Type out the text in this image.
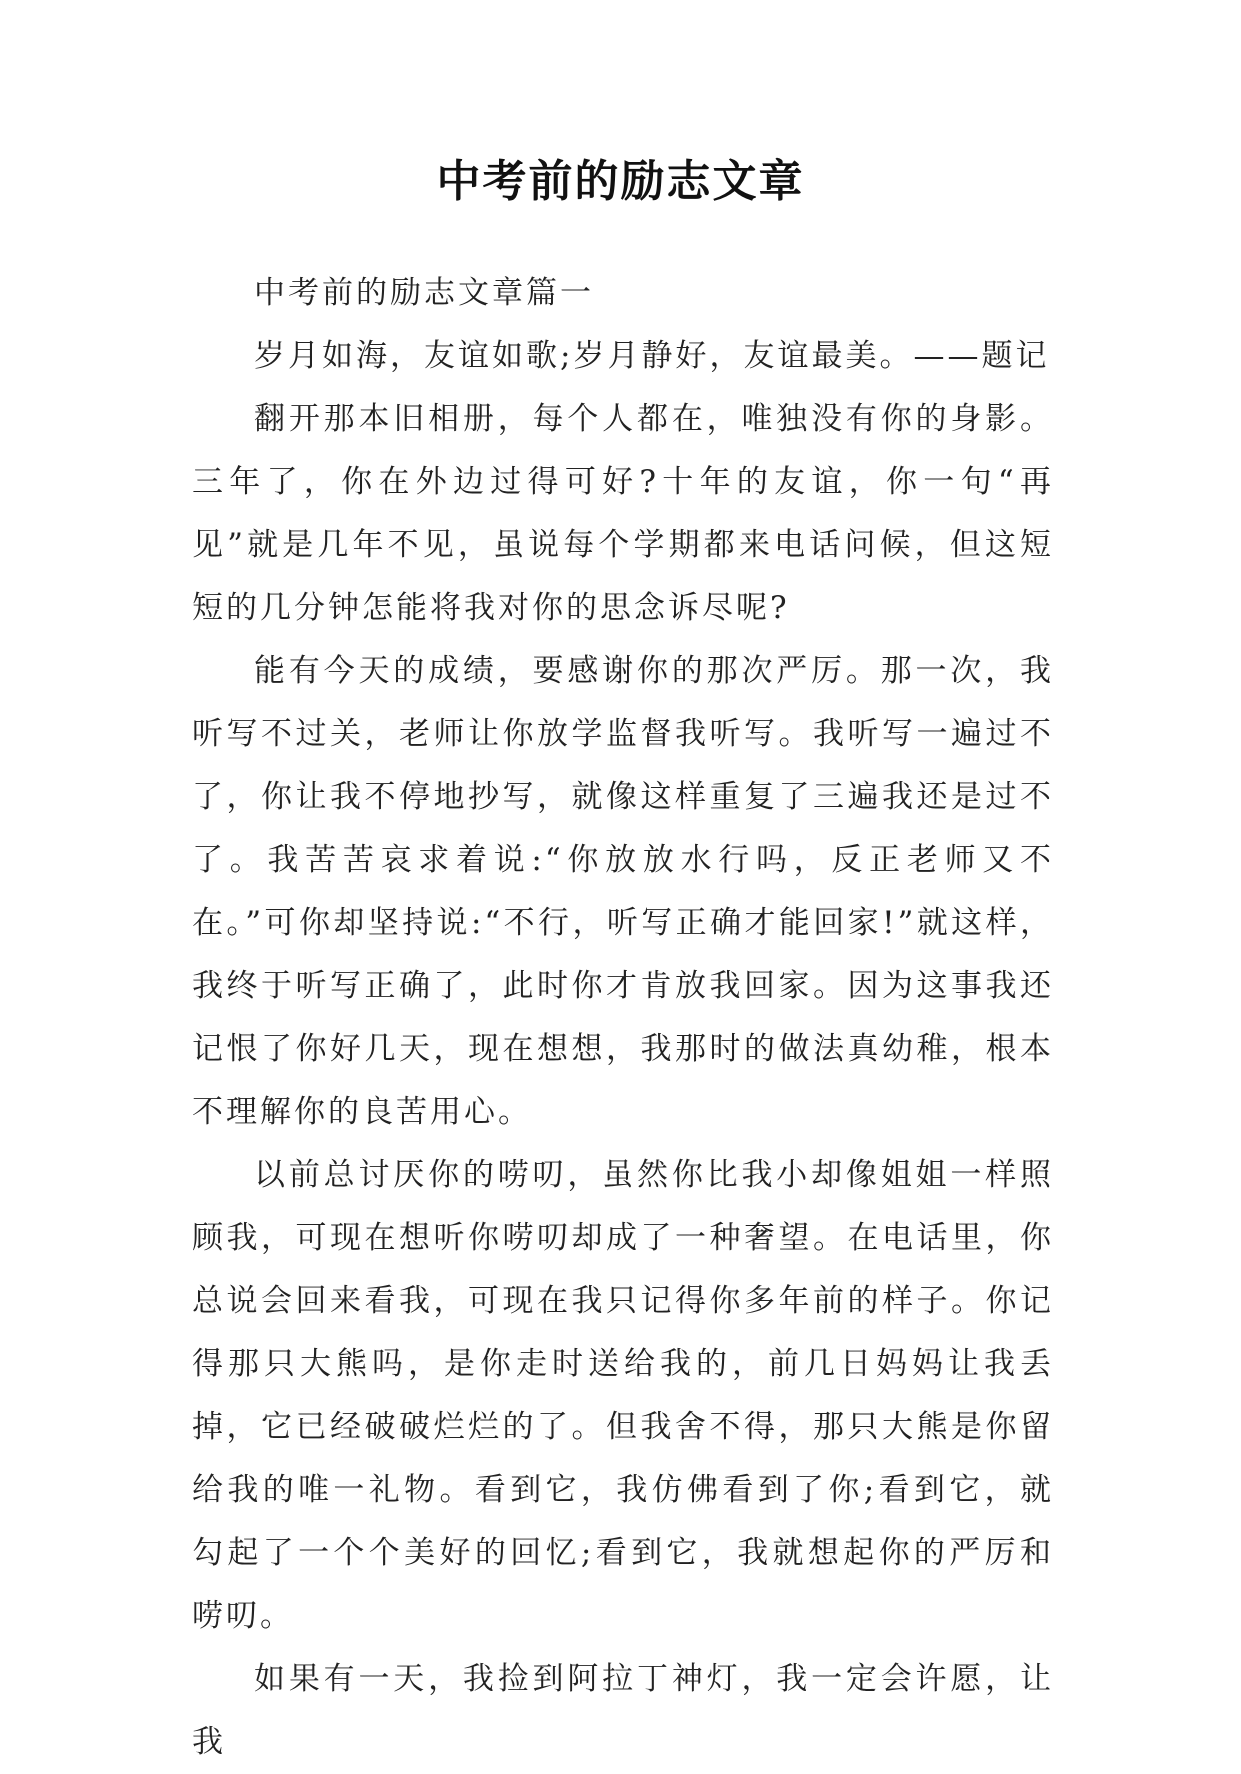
中考前的励志文章

中考前的励志文章篇一

岁月如海，友谊如歌;岁月静好，友谊最美。——题记

翻开那本旧相册，每个人都在，唯独没有你的身影。三年了，你在外边过得可好?十年的友谊，你一句“再见”就是几年不见，虽说每个学期都来电话问候，但这短短的几分钟怎能将我对你的思念诉尽呢?

能有今天的成绩，要感谢你的那次严厉。那一次，我听写不过关，老师让你放学监督我听写。我听写一遍过不了，你让我不停地抄写，就像这样重复了三遍我还是过不了。我苦苦哀求着说:“你放放水行吗，反正老师又不在。”可你却坚持说:“不行，听写正确才能回家!”就这样，我终于听写正确了，此时你才肯放我回家。因为这事我还记恨了你好几天，现在想想，我那时的做法真幼稚，根本不理解你的良苦用心。

以前总讨厌你的唠叨，虽然你比我小却像姐姐一样照顾我，可现在想听你唠叨却成了一种奢望。在电话里，你总说会回来看我，可现在我只记得你多年前的样子。你记得那只大熊吗，是你走时送给我的，前几日妈妈让我丢掉，它已经破破烂烂的了。但我舍不得，那只大熊是你留给我的唯一礼物。看到它，我仿佛看到了你;看到它，就勾起了一个个美好的回忆;看到它，我就想起你的严厉和唠叨。

如果有一天，我捡到阿拉丁神灯，我一定会许愿，让我
